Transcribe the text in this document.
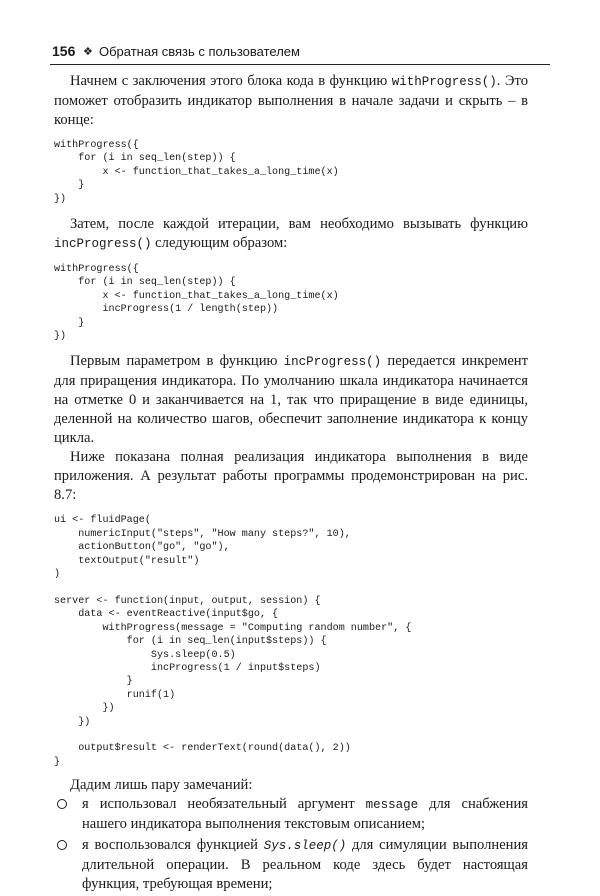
156 ❖ Обратная связь с пользователем

Начнем с заключения этого блока кода в функцию withProgress(). Это поможет отобразить индикатор выполнения в начале задачи и скрыть – в конце:

withProgress({
for (i in seq_len(step)) {
x <- function_that_takes_a_long_time(x)
}
})

Затем, после каждой итерации, вам необходимо вызывать функцию incProgress() следующим образом:

withProgress({
for (i in seq_len(step)) {
x <- function_that_takes_a_long_time(x)
incProgress(1 / length(step))
}
})

Первым параметром в функцию incProgress() передается инкремент для приращения индикатора. По умолчанию шкала индикатора начинается на отметке 0 и заканчивается на 1, так что приращение в виде единицы, деленной на количество шагов, обеспечит заполнение индикатора к концу цикла.

Ниже показана полная реализация индикатора выполнения в виде приложения. А результат работы программы продемонстрирован на рис. 8.7:

ui <- fluidPage(
numericInput("steps", "How many steps?", 10),
actionButton("go", "go"),
textOutput("result")
)

server <- function(input, output, session) {
data <- eventReactive(input$go, {
withProgress(message = "Computing random number", {
for (i in seq_len(input$steps)) {
Sys.sleep(0.5)
incProgress(1 / input$steps)
}
runif(1)
})
})

output$result <- renderText(round(data(), 2))
}

Дадим лишь пару замечаний:

я использовал необязательный аргумент message для снабжения нашего индикатора выполнения текстовым описанием;
я воспользовался функцией Sys.sleep() для симуляции выполнения длительной операции. В реальном коде здесь будет настоящая функция, требующая времени;
